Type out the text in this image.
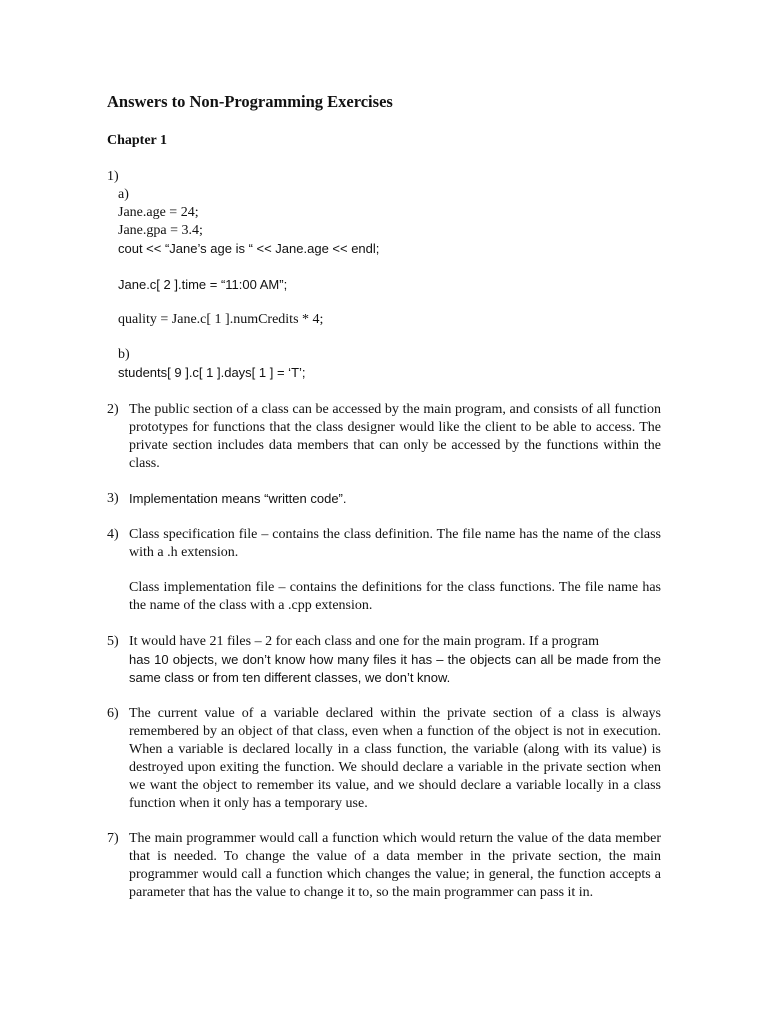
Answers to Non-Programming Exercises
Chapter 1
1)
a)
Jane.age = 24;
Jane.gpa = 3.4;
cout << “Jane’s age is “ << Jane.age << endl;
Jane.c[ 2 ].time = “11:00 AM”;
quality = Jane.c[ 1 ].numCredits * 4;
b)
students[ 9 ].c[ 1 ].days[ 1 ] = ‘T’;
2) The public section of a class can be accessed by the main program, and consists of all function prototypes for functions that the class designer would like the client to be able to access. The private section includes data members that can only be accessed by the functions within the class.
3) Implementation means “written code”.
4) Class specification file – contains the class definition. The file name has the name of the class with a .h extension.
Class implementation file – contains the definitions for the class functions. The file name has the name of the class with a .cpp extension.
5) It would have 21 files – 2 for each class and one for the main program. If a program
has 10 objects, we don’t know how many files it has – the objects can all be made from the same class or from ten different classes, we don’t know.
6) The current value of a variable declared within the private section of a class is always remembered by an object of that class, even when a function of the object is not in execution. When a variable is declared locally in a class function, the variable (along with its value) is destroyed upon exiting the function. We should declare a variable in the private section when we want the object to remember its value, and we should declare a variable locally in a class function when it only has a temporary use.
7) The main programmer would call a function which would return the value of the data member that is needed. To change the value of a data member in the private section, the main programmer would call a function which changes the value; in general, the function accepts a parameter that has the value to change it to, so the main programmer can pass it in.
